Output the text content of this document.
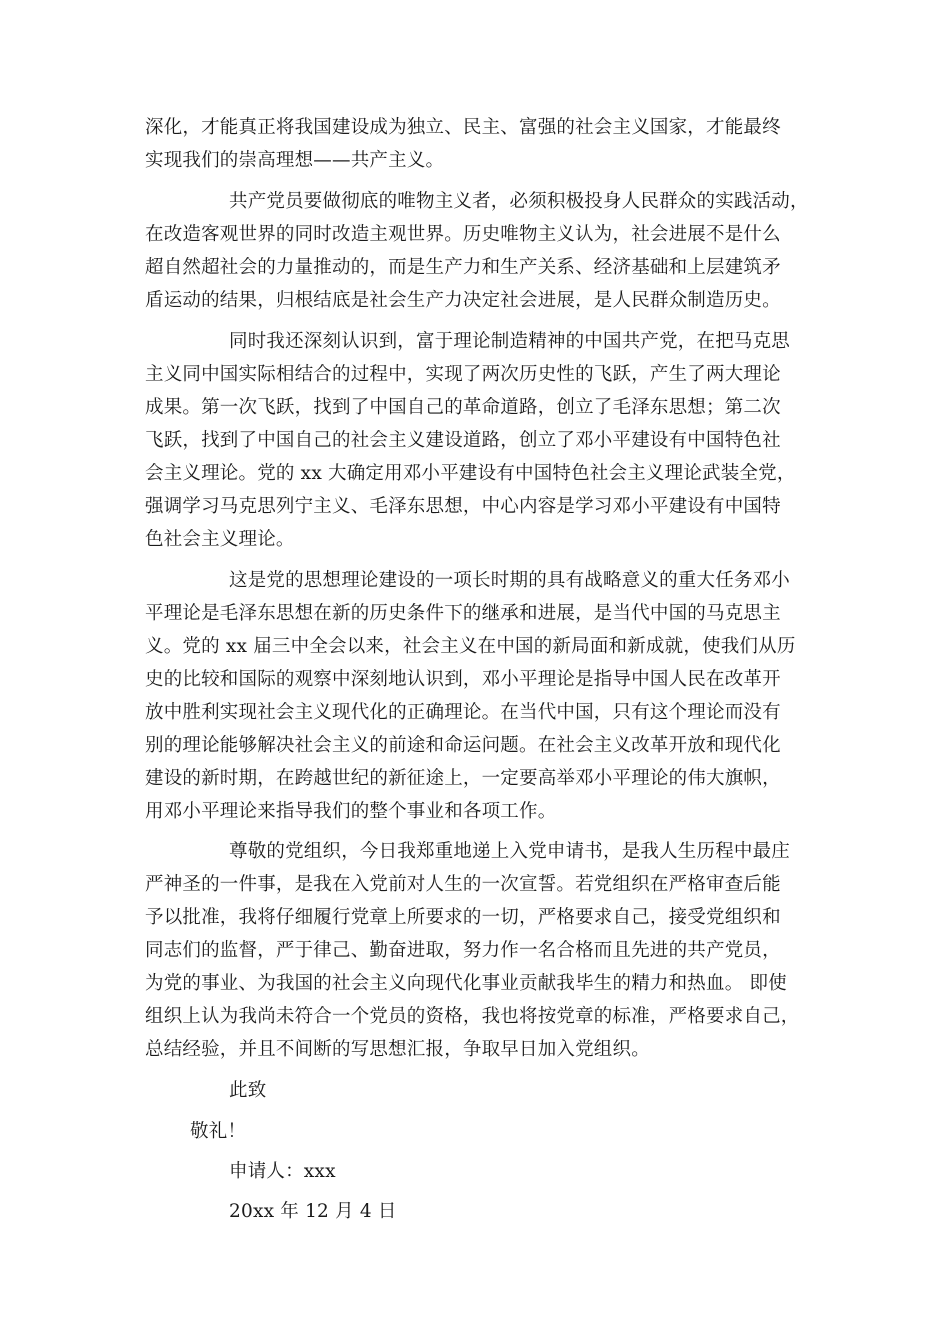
深化，才能真正将我国建设成为独立、民主、富强的社会主义国家，才能最终
实现我们的崇高理想——共产主义。
共产党员要做彻底的唯物主义者，必须积极投身人民群众的实践活动，
在改造客观世界的同时改造主观世界。历史唯物主义认为，社会进展不是什么
超自然超社会的力量推动的，而是生产力和生产关系、经济基础和上层建筑矛
盾运动的结果，归根结底是社会生产力决定社会进展，是人民群众制造历史。
同时我还深刻认识到，富于理论制造精神的中国共产党，在把马克思
主义同中国实际相结合的过程中，实现了两次历史性的飞跃，产生了两大理论
成果。第一次飞跃，找到了中国自己的革命道路，创立了毛泽东思想；第二次
飞跃，找到了中国自己的社会主义建设道路，创立了邓小平建设有中国特色社
会主义理论。党的 xx 大确定用邓小平建设有中国特色社会主义理论武装全党，
强调学习马克思列宁主义、毛泽东思想，中心内容是学习邓小平建设有中国特
色社会主义理论。
这是党的思想理论建设的一项长时期的具有战略意义的重大任务邓小
平理论是毛泽东思想在新的历史条件下的继承和进展，是当代中国的马克思主
义。党的 xx 届三中全会以来，社会主义在中国的新局面和新成就，使我们从历
史的比较和国际的观察中深刻地认识到，邓小平理论是指导中国人民在改革开
放中胜利实现社会主义现代化的正确理论。在当代中国，只有这个理论而没有
别的理论能够解决社会主义的前途和命运问题。在社会主义改革开放和现代化
建设的新时期，在跨越世纪的新征途上，一定要高举邓小平理论的伟大旗帜，
用邓小平理论来指导我们的整个事业和各项工作。
尊敬的党组织，今日我郑重地递上入党申请书，是我人生历程中最庄
严神圣的一件事，是我在入党前对人生的一次宣誓。若党组织在严格审查后能
予以批准，我将仔细履行党章上所要求的一切，严格要求自己，接受党组织和
同志们的监督，严于律己、勤奋进取，努力作一名合格而且先进的共产党员，
为党的事业、为我国的社会主义向现代化事业贡献我毕生的精力和热血。 即使
组织上认为我尚未符合一个党员的资格，我也将按党章的标准，严格要求自己，
总结经验，并且不间断的写思想汇报，争取早日加入党组织。
此致
敬礼！
申请人：xxx
20xx 年 12 月 4 日
